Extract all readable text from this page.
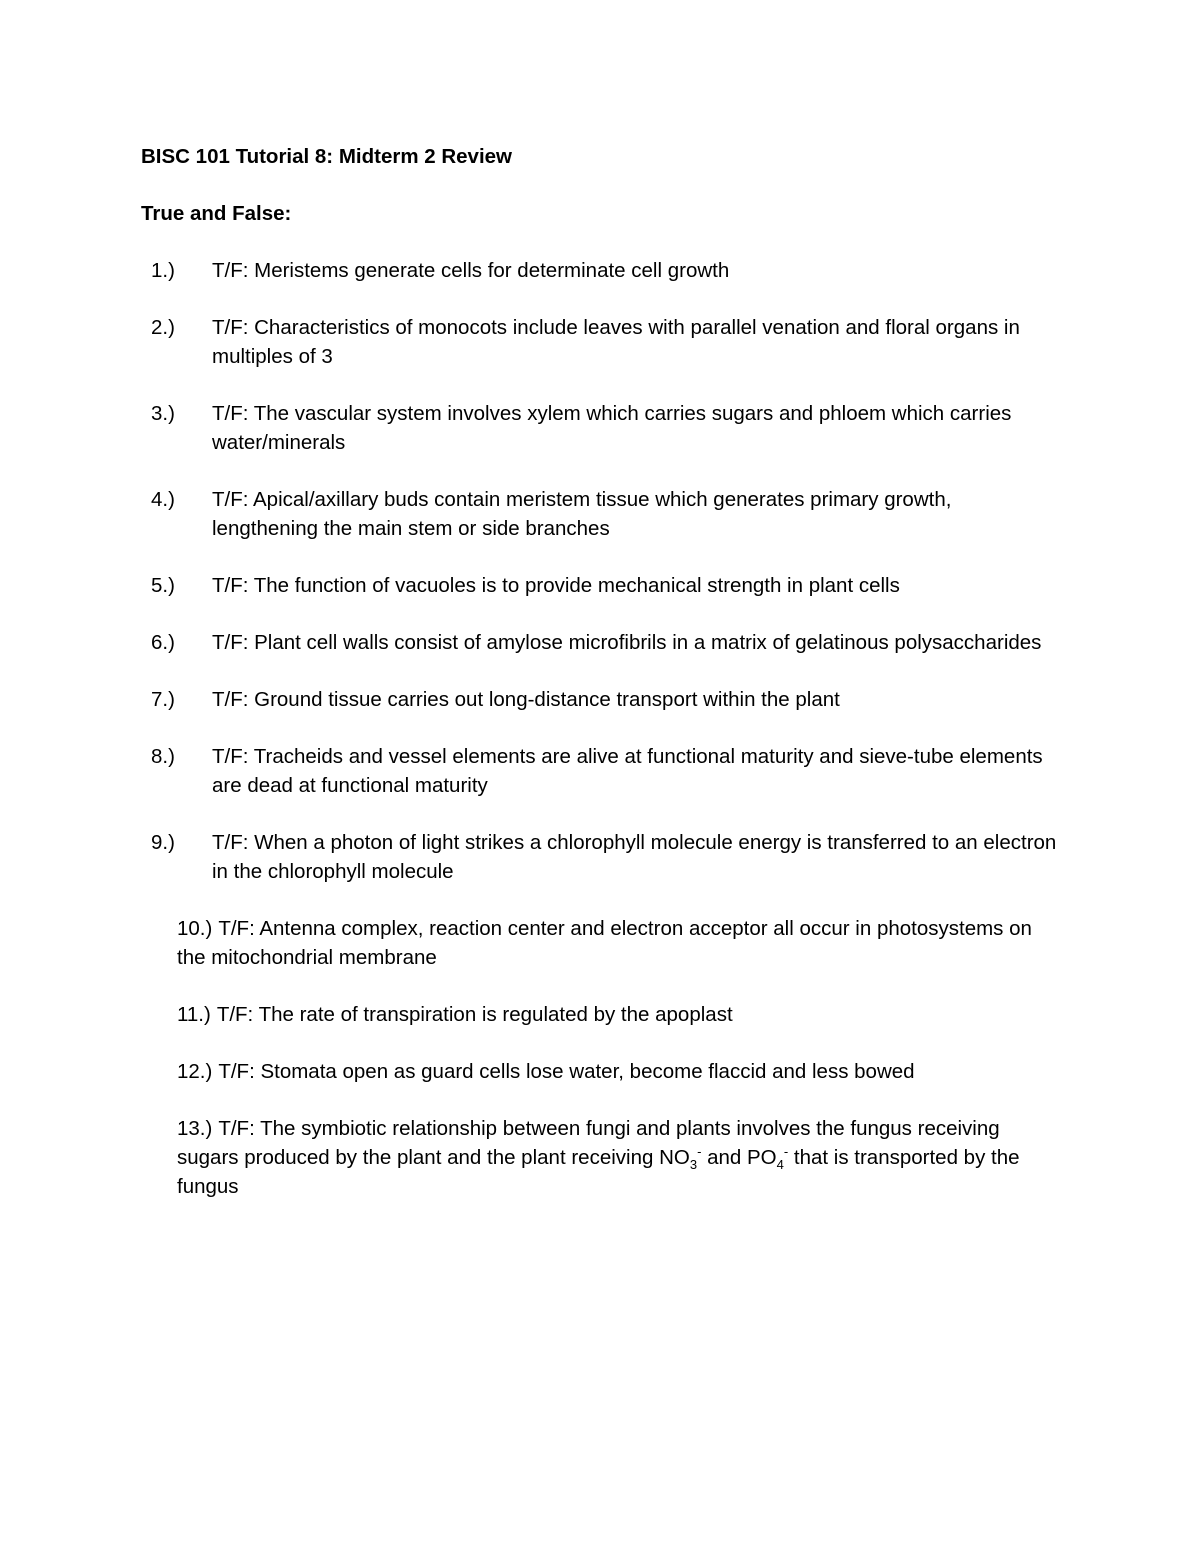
BISC 101 Tutorial 8: Midterm 2 Review

True and False:

1.) T/F: Meristems generate cells for determinate cell growth
2.) T/F: Characteristics of monocots include leaves with parallel venation and floral organs in multiples of 3
3.) T/F: The vascular system involves xylem which carries sugars and phloem which carries water/minerals
4.) T/F: Apical/axillary buds contain meristem tissue which generates primary growth, lengthening the main stem or side branches
5.) T/F: The function of vacuoles is to provide mechanical strength in plant cells
6.) T/F: Plant cell walls consist of amylose microfibrils in a matrix of gelatinous polysaccharides
7.) T/F: Ground tissue carries out long-distance transport within the plant
8.) T/F: Tracheids and vessel elements are alive at functional maturity and sieve-tube elements are dead at functional maturity
9.) T/F: When a photon of light strikes a chlorophyll molecule energy is transferred to an electron in the chlorophyll molecule
10.) T/F: Antenna complex, reaction center and electron acceptor all occur in photosystems on the mitochondrial membrane
11.) T/F: The rate of transpiration is regulated by the apoplast
12.) T/F: Stomata open as guard cells lose water, become flaccid and less bowed
13.) T/F: The symbiotic relationship between fungi and plants involves the fungus receiving sugars produced by the plant and the plant receiving $NO_3^-$ and $PO_4^-$ that is transported by the fungus
